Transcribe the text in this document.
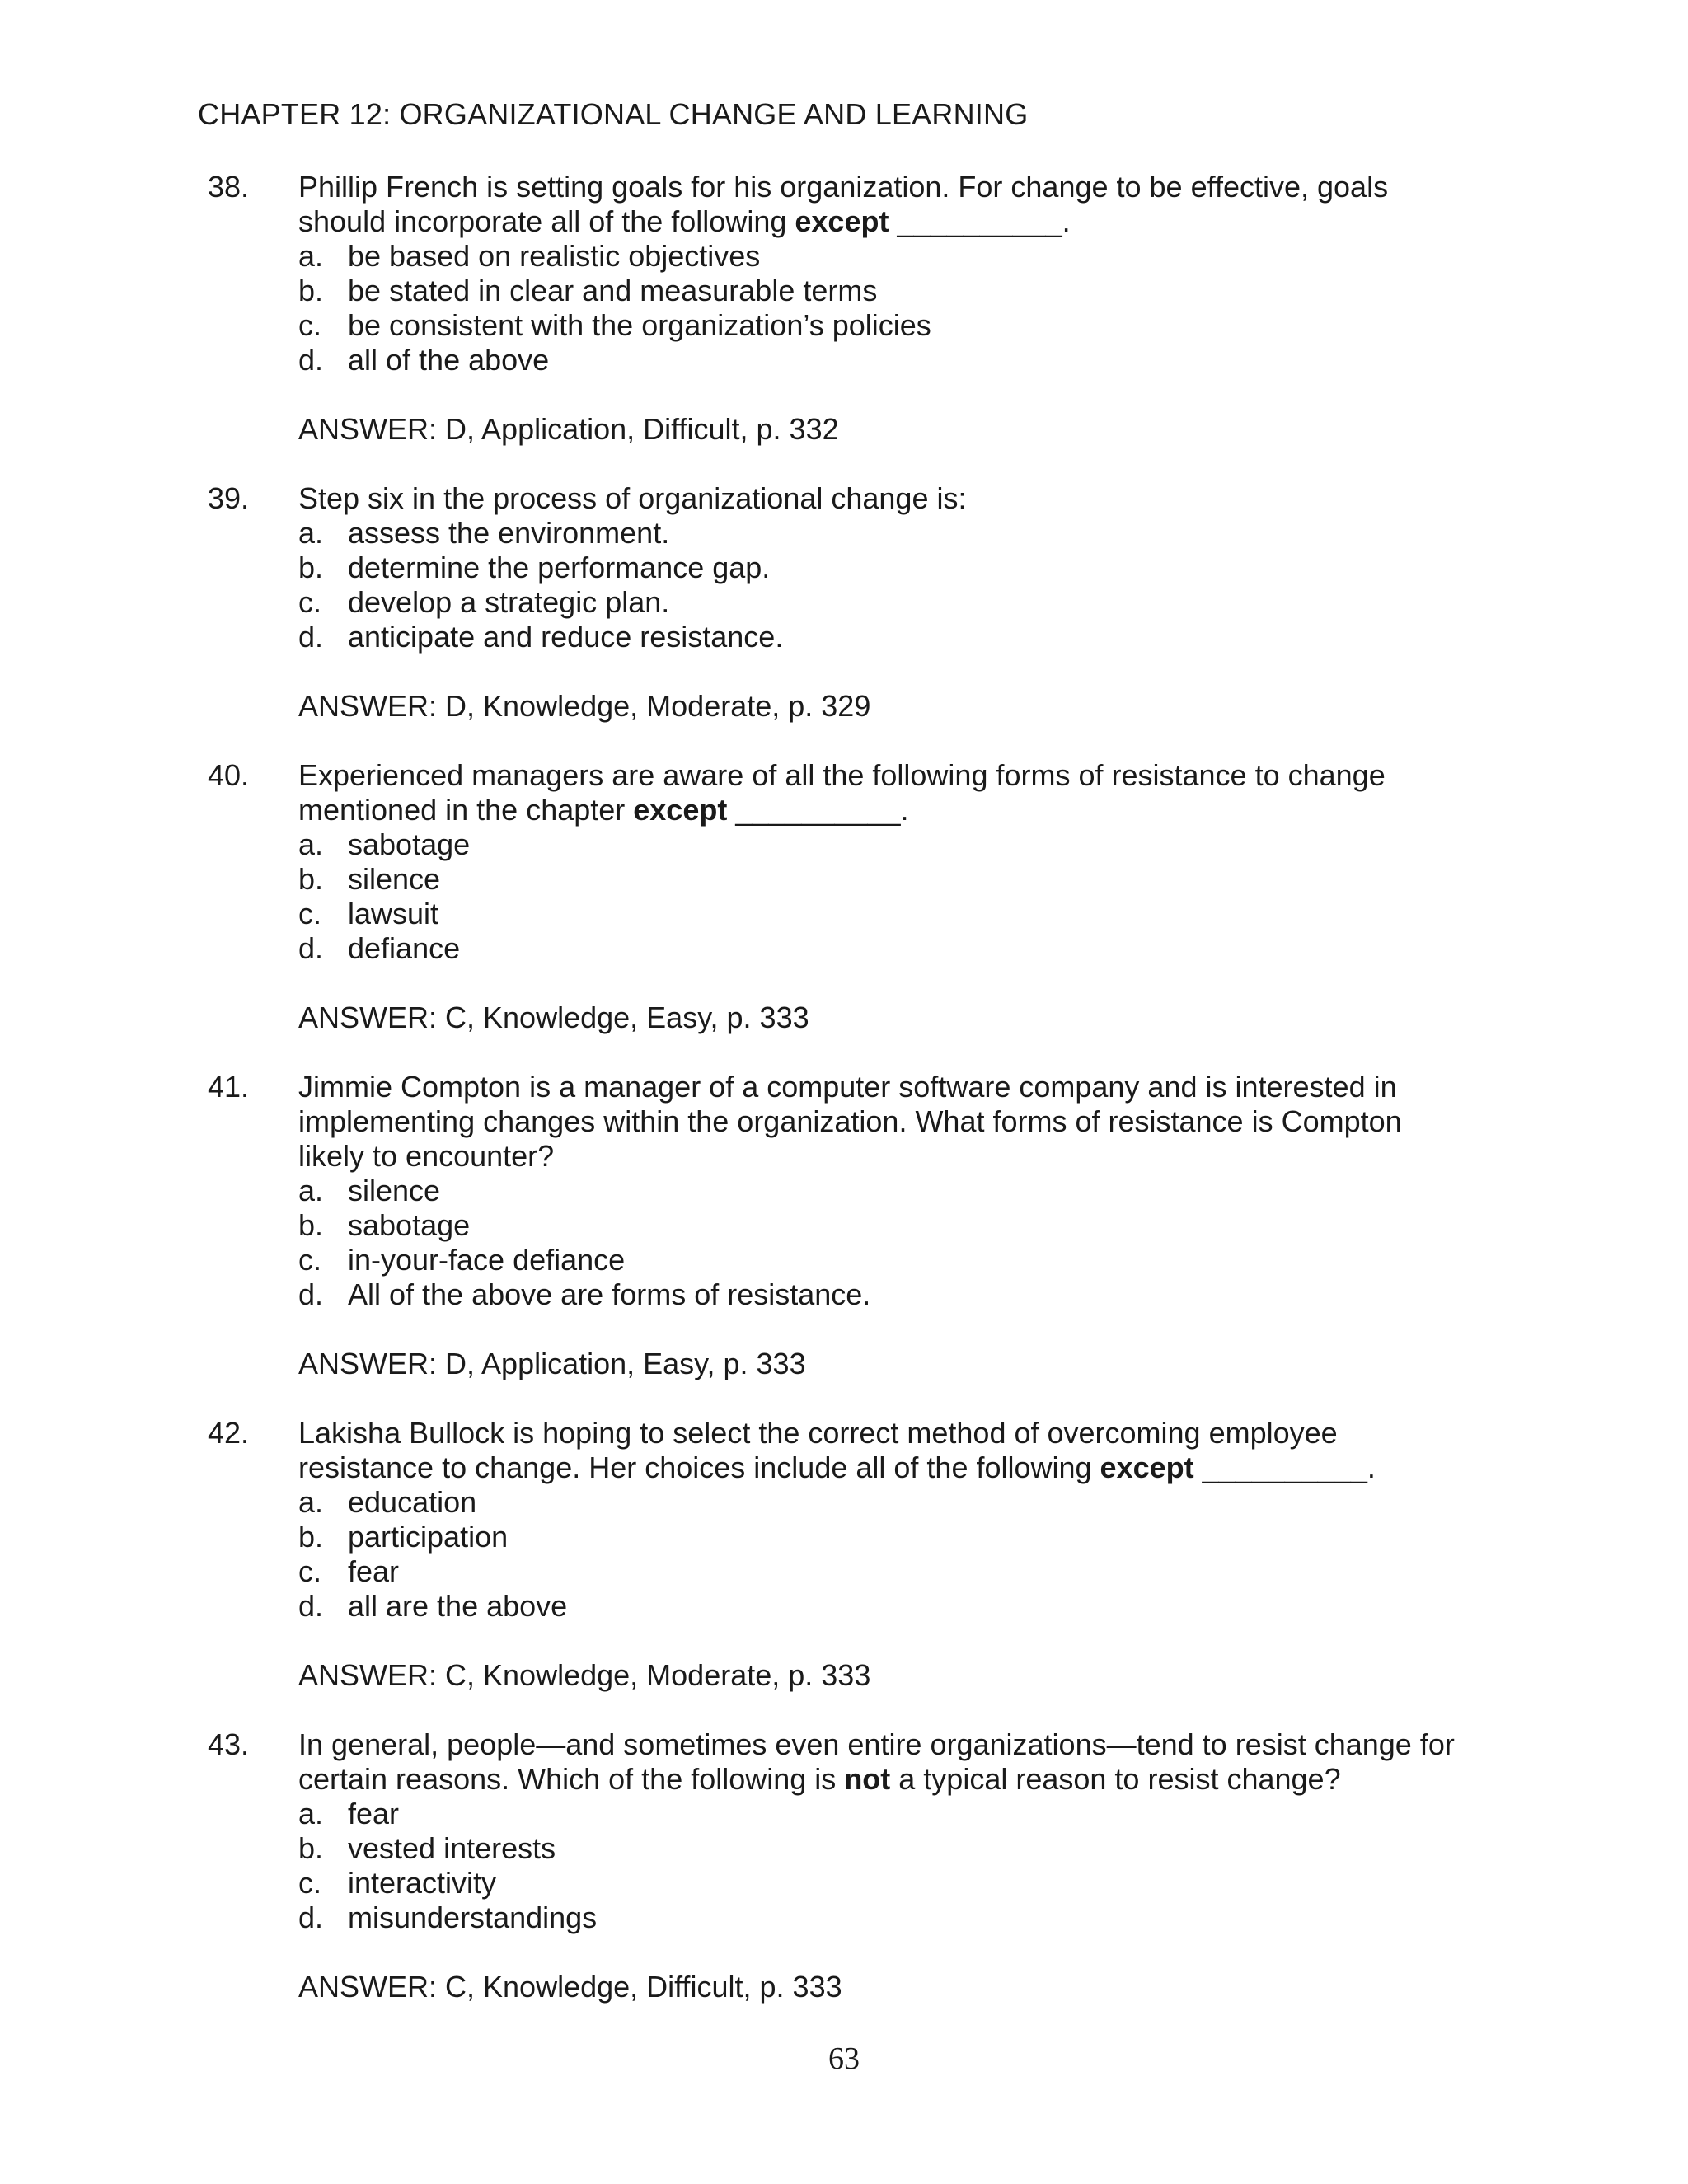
CHAPTER 12: ORGANIZATIONAL CHANGE AND LEARNING
38. Phillip French is setting goals for his organization. For change to be effective, goals
should incorporate all of the following except __________.
a. be based on realistic objectives
b. be stated in clear and measurable terms
c. be consistent with the organization’s policies
d. all of the above
ANSWER: D, Application, Difficult, p. 332
39. Step six in the process of organizational change is:
a. assess the environment.
b. determine the performance gap.
c. develop a strategic plan.
d. anticipate and reduce resistance.
ANSWER: D, Knowledge, Moderate, p. 329
40. Experienced managers are aware of all the following forms of resistance to change
mentioned in the chapter except __________.
a. sabotage
b. silence
c. lawsuit
d. defiance
ANSWER: C, Knowledge, Easy, p. 333
41. Jimmie Compton is a manager of a computer software company and is interested in
implementing changes within the organization. What forms of resistance is Compton
likely to encounter?
a. silence
b. sabotage
c. in-your-face defiance
d. All of the above are forms of resistance.
ANSWER: D, Application, Easy, p. 333
42. Lakisha Bullock is hoping to select the correct method of overcoming employee
resistance to change. Her choices include all of the following except __________.
a. education
b. participation
c. fear
d. all are the above
ANSWER: C, Knowledge, Moderate, p. 333
43. In general, people—and sometimes even entire organizations—tend to resist change for
certain reasons. Which of the following is not a typical reason to resist change?
a. fear
b. vested interests
c. interactivity
d. misunderstandings
ANSWER: C, Knowledge, Difficult, p. 333
63
